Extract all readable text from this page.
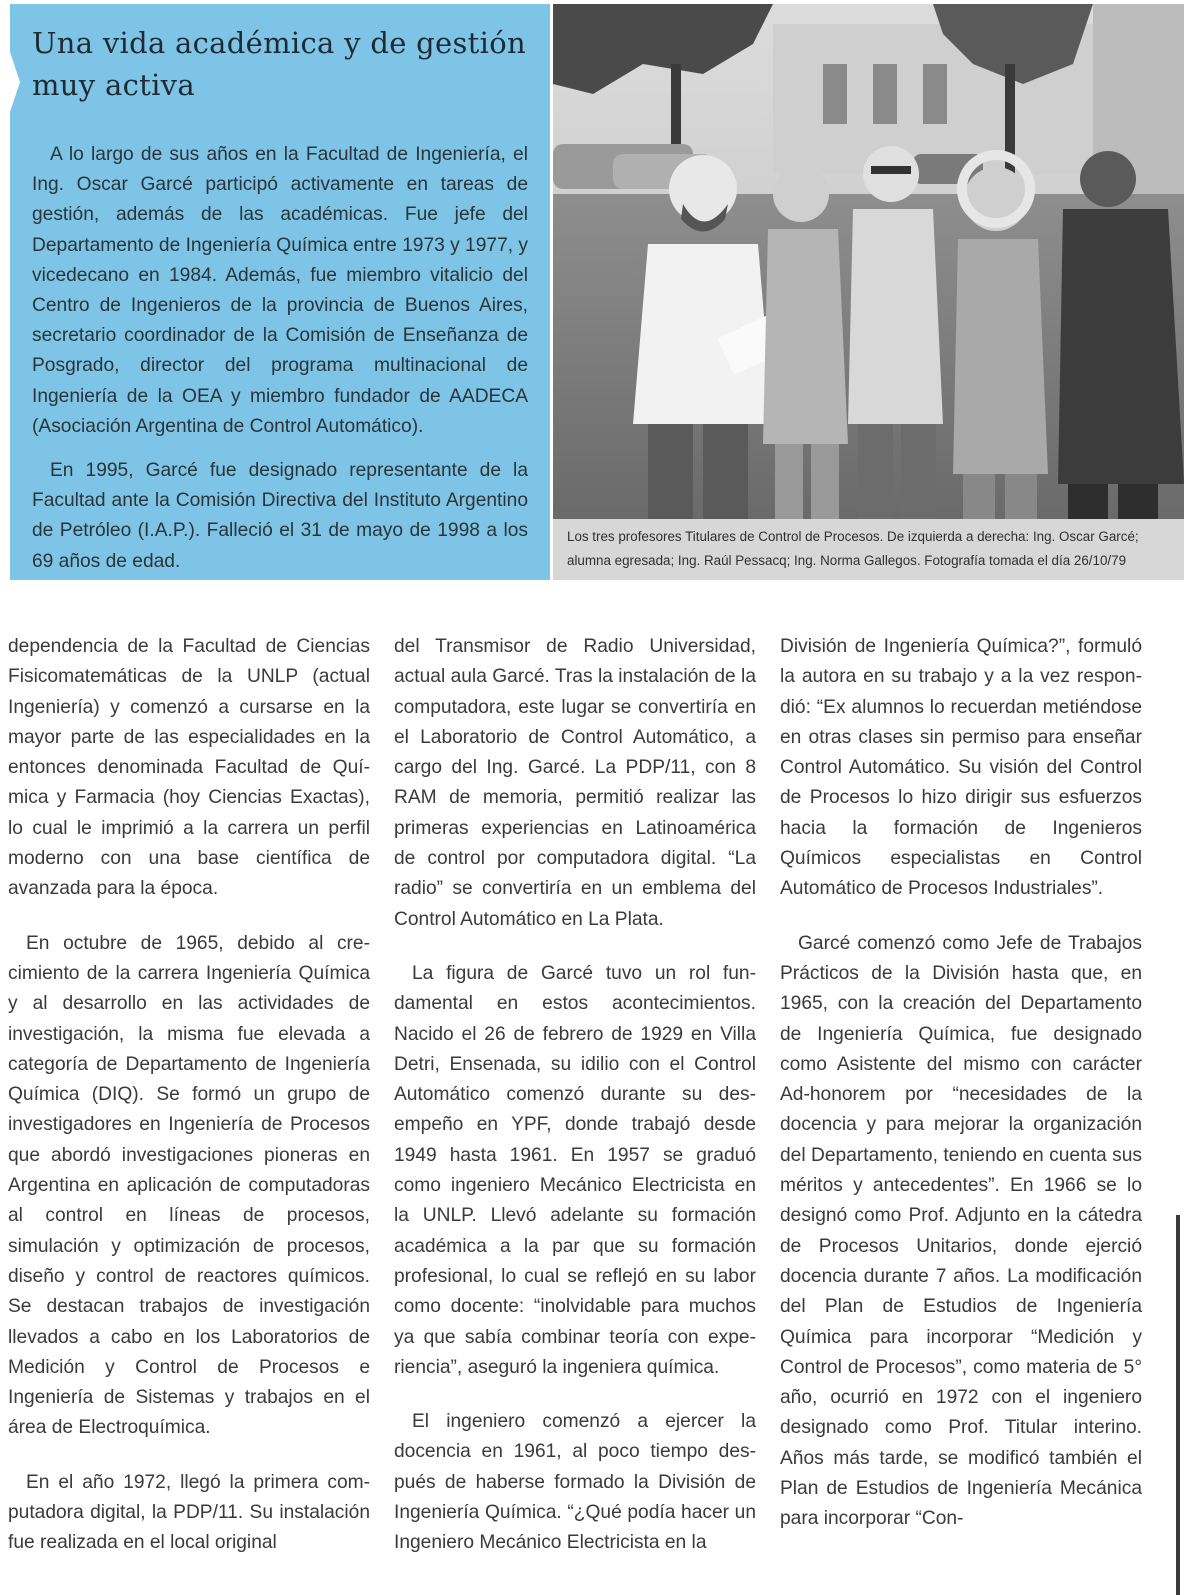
Una vida académica y de gestión muy activa

A lo largo de sus años en la Facultad de Ingeniería, el Ing. Oscar Garcé participó activamente en tareas de gestión, además de las académicas. Fue jefe del Departamento de Ingeniería Química entre 1973 y 1977, y vicedecano en 1984. Además, fue miembro vitalicio del Centro de Ingenieros de la provincia de Buenos Aires, secretario coordinador de la Comisión de Enseñanza de Posgrado, director del programa multinacional de Ingeniería de la OEA y miembro fundador de AADECA (Asociación Argentina de Control Automático).

En 1995, Garcé fue designado representante de la Facultad ante la Comisión Directiva del Instituto Argentino de Petróleo (I.A.P.). Falleció el 31 de mayo de 1998 a los 69 años de edad.

Los tres profesores Titulares de Control de Procesos. De izquierda a derecha: Ing. Oscar Garcé;
alumna egresada; Ing. Raúl Pessacq; Ing. Norma Gallegos. Fotografía tomada el día 26/10/79

dependencia de la Facultad de Ciencias Fisicomatemáticas de la UNLP (actual Ingeniería) y comenzó a cursarse en la mayor parte de las especialidades en la entonces denominada Facultad de Química y Farmacia (hoy Ciencias Exactas), lo cual le imprimió a la carrera un perfil moderno con una base científica de avanzada para la época.

En octubre de 1965, debido al crecimiento de la carrera Ingeniería Química y al desarrollo en las actividades de investigación, la misma fue elevada a categoría de Departamento de Ingeniería Química (DIQ). Se formó un grupo de investigadores en Ingeniería de Procesos que abordó investigaciones pioneras en Argentina en aplicación de computadoras al control en líneas de procesos, simulación y optimización de procesos, diseño y control de reactores químicos. Se destacan trabajos de investigación llevados a cabo en los Laboratorios de Medición y Control de Procesos e Ingeniería de Sistemas y trabajos en el área de Electroquímica.

En el año 1972, llegó la primera computadora digital, la PDP/11. Su instalación fue realizada en el local original

del Transmisor de Radio Universidad, actual aula Garcé. Tras la instalación de la computadora, este lugar se convertiría en el Laboratorio de Control Automático, a cargo del Ing. Garcé. La PDP/11, con 8 RAM de memoria, permitió realizar las primeras experiencias en Latinoamérica de control por computadora digital. “La radio” se convertiría en un emblema del Control Automático en La Plata.

La figura de Garcé tuvo un rol fundamental en estos acontecimientos. Nacido el 26 de febrero de 1929 en Villa Detri, Ensenada, su idilio con el Control Automático comenzó durante su desempeño en YPF, donde trabajó desde 1949 hasta 1961. En 1957 se graduó como ingeniero Mecánico Electricista en la UNLP. Llevó adelante su formación académica a la par que su formación profesional, lo cual se reflejó en su labor como docente: “inolvidable para muchos ya que sabía combinar teoría con experiencia”, aseguró la ingeniera química.

El ingeniero comenzó a ejercer la docencia en 1961, al poco tiempo después de haberse formado la División de Ingeniería Química. “¿Qué podía hacer un Ingeniero Mecánico Electricista en la

División de Ingeniería Química?”, formuló la autora en su trabajo y a la vez respondió: “Ex alumnos lo recuerdan metiéndose en otras clases sin permiso para enseñar Control Automático. Su visión del Control de Procesos lo hizo dirigir sus esfuerzos hacia la formación de Ingenieros Químicos especialistas en Control Automático de Procesos Industriales”.

Garcé comenzó como Jefe de Trabajos Prácticos de la División hasta que, en 1965, con la creación del Departamento de Ingeniería Química, fue designado como Asistente del mismo con carácter Ad-honorem por “necesidades de la docencia y para mejorar la organización del Departamento, teniendo en cuenta sus méritos y antecedentes”. En 1966 se lo designó como Prof. Adjunto en la cátedra de Procesos Unitarios, donde ejerció docencia durante 7 años. La modificación del Plan de Estudios de Ingeniería Química para incorporar “Medición y Control de Procesos”, como materia de 5° año, ocurrió en 1972 con el ingeniero designado como Prof. Titular interino. Años más tarde, se modificó también el Plan de Estudios de Ingeniería Mecánica para incorporar “Con-
